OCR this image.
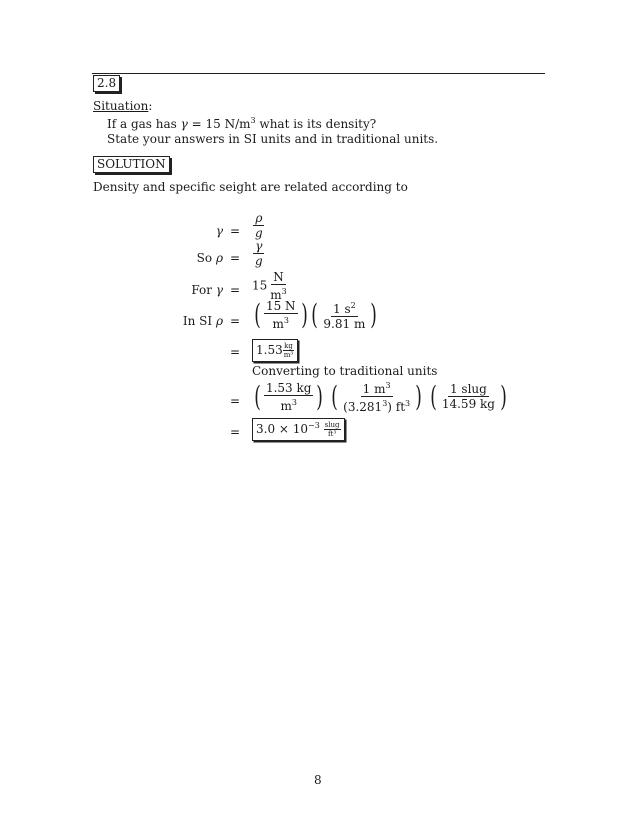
2.8
Situation:
If a gas has γ = 15 $N/m^3$ what is its density?
State your answers in SI units and in traditional units.
SOLUTION
Density and specific seight are related according to
$\gamma = \frac{\rho}{g}$
So $\rho = \frac{\gamma}{g}$
For $\gamma = 15 \frac{N}{m^3}$
In SI ρ = ( $\frac{15 N}{m^3}$ ) ( $\frac{1 s^2}{9.81 m}$ )
=	$1.53 \frac{kg}{\text{m³}}$
Converting to traditional units
= ( $\frac{1.53 kg}{m^3}$ ) ( $\frac{1 m^3}{(3.281^3) ft^3}$ ) ( $\frac{\text{1 slug}}{14.59 kg}$ )
=	$3.0 \times 10^{-3}$ slug
ft³
8
